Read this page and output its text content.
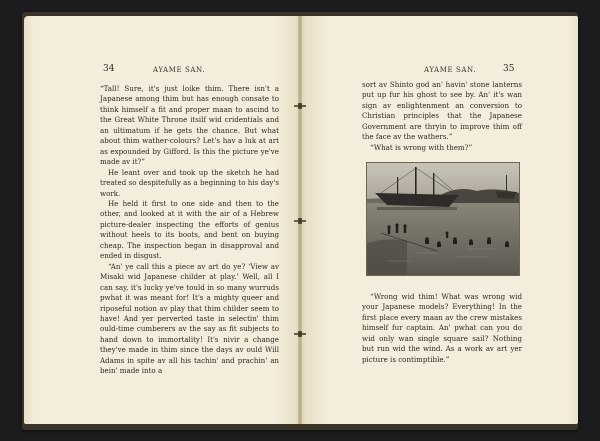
34	AYAME SAN.

“Tall! Sure, it's just loike thim. There isn't a Japanese among thim but has enough consate to think himself a fit and proper maan to ascind to the Great White Throne itsilf wid cridentials and an ultimatum if he gets the chance. But what about thim wather-colours? Let's hav a luk at art as expounded by Gifford. Is this the picture ye've made av it?”

He leant over and took up the sketch he had treated so despitefully as a beginning to his day's work.

He held it first to one side and then to the other, and looked at it with the air of a Hebrew picture-dealer inspecting the efforts of genius without heels to its boots, and bent on buying cheap. The inspection began in disapproval and ended in disgust.

“An' ye call this a piece av art do ye? ‘View av Misaki wid Japanese childer at play.’ Well, all I can say, it's lucky ye've tould in so many wurruds pwhat it was meant for! It's a mighty queer and riposeful notion av play that thim childer seem to have! And yer perverted taste in selectin' thim ould-time cumberers av the say as fit subjects to hand down to immortality! It's nivir a change they've made in thim since the days av ould Will Adams in spite av all his tachin' and prachin' an bein' made into a

AYAME SAN.	35

sort av Shinto god an' havin' stone lanterns put up fur his ghost to see by. An' it's wan sign av enlightenment an conversion to Christian principles that the Japanese Government are thryin to improve thim off the face av the wathers.”

“What is wrong with them?”

“Wrong wid thim! What was wrong wid your Japanese models? Everything! In the first place every maan av the crew mistakes himself fur captain. An' pwhat can you do wid only wan single square sail? Nothing but run wid the wind. As a work av art yer picture is contimptible.”
